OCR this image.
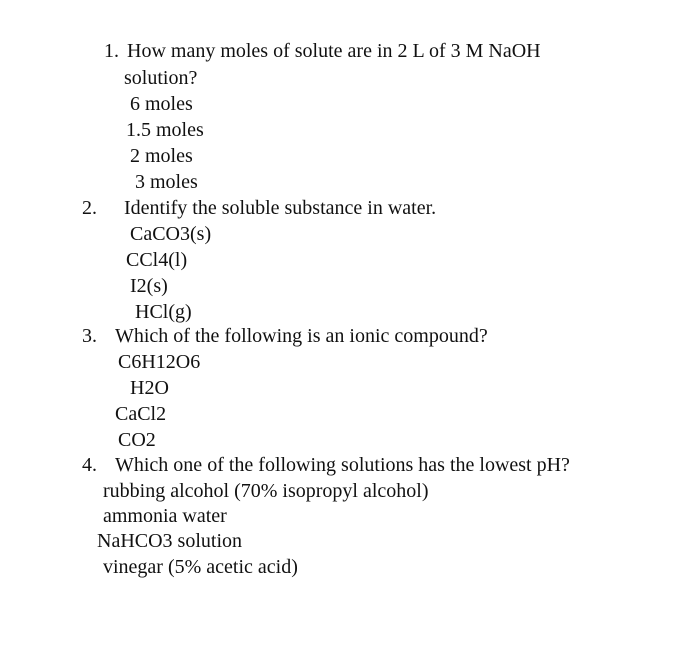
1. How many moles of solute are in 2 L of 3 M NaOH
solution?
6 moles
1.5 moles
2 moles
3 moles
2. Identify the soluble substance in water.
CaCO3(s)
CCl4(l)
I2(s)
HCl(g)
3. Which of the following is an ionic compound?
C6H12O6
H2O
CaCl2
CO2
4. Which one of the following solutions has the lowest pH?
rubbing alcohol (70% isopropyl alcohol)
ammonia water
NaHCO3 solution
vinegar (5% acetic acid)
